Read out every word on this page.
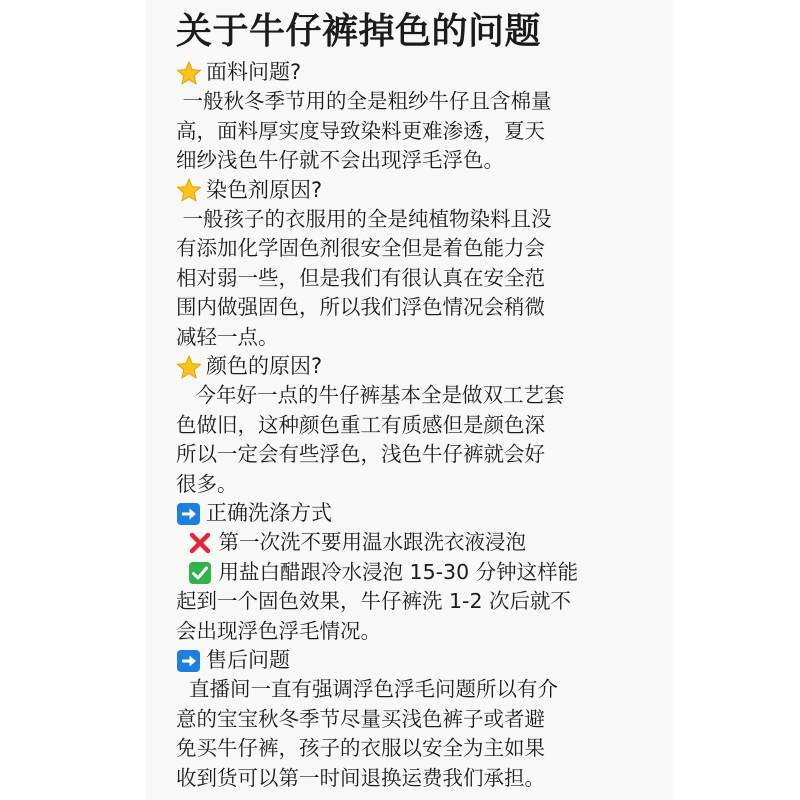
关于牛仔裤掉色的问题
面料问题?
一般秋冬季节用的全是粗纱牛仔且含棉量
高，面料厚实度导致染料更难渗透，夏天
细纱浅色牛仔就不会出现浮毛浮色。
染色剂原因?
一般孩子的衣服用的全是纯植物染料且没
有添加化学固色剂很安全但是着色能力会
相对弱一些，但是我们有很认真在安全范
围内做强固色，所以我们浮色情况会稍微
减轻一点。
颜色的原因?
今年好一点的牛仔裤基本全是做双工艺套
色做旧，这种颜色重工有质感但是颜色深
所以一定会有些浮色，浅色牛仔裤就会好
很多。
正确洗涤方式
第一次洗不要用温水跟洗衣液浸泡
用盐白醋跟冷水浸泡 15-30 分钟这样能
起到一个固色效果，牛仔裤洗 1-2 次后就不
会出现浮色浮毛情况。
售后问题
直播间一直有强调浮色浮毛问题所以有介
意的宝宝秋冬季节尽量买浅色裤子或者避
免买牛仔裤，孩子的衣服以安全为主如果
收到货可以第一时间退换运费我们承担。
